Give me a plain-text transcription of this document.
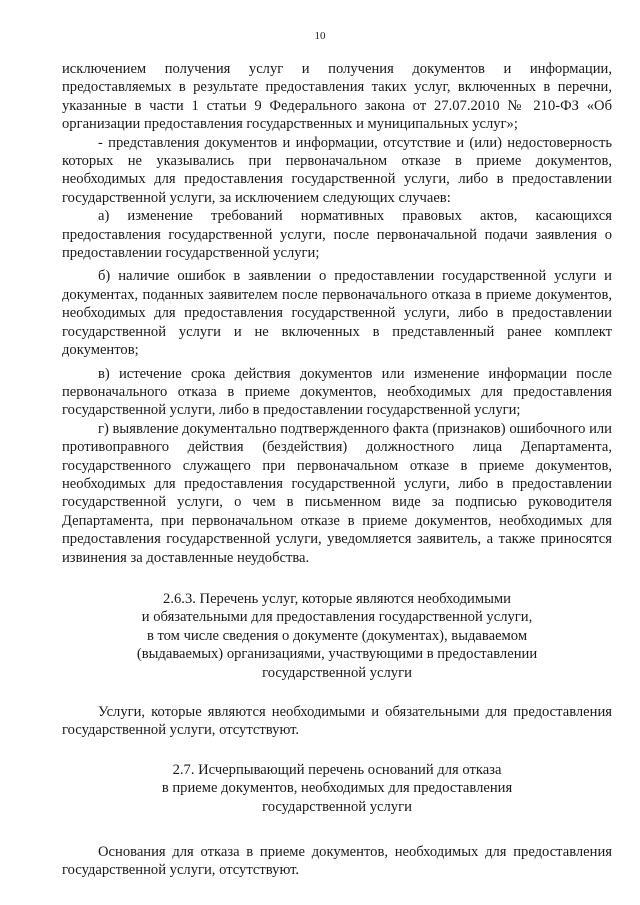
10

исключением получения услуг и получения документов и информации, предоставляемых в результате предоставления таких услуг, включенных в перечни, указанные в части 1 статьи 9 Федерального закона от 27.07.2010 № 210-ФЗ «Об организации предоставления государственных и муниципальных услуг»;

- представления документов и информации, отсутствие и (или) недостоверность которых не указывались при первоначальном отказе в приеме документов, необходимых для предоставления государственной услуги, либо в предоставлении государственной услуги, за исключением следующих случаев:

а) изменение требований нормативных правовых актов, касающихся предоставления государственной услуги, после первоначальной подачи заявления о предоставлении государственной услуги;

б) наличие ошибок в заявлении о предоставлении государственной услуги и документах, поданных заявителем после первоначального отказа в приеме документов, необходимых для предоставления государственной услуги, либо в предоставлении государственной услуги и не включенных в представленный ранее комплект документов;

в) истечение срока действия документов или изменение информации после первоначального отказа в приеме документов, необходимых для предоставления государственной услуги, либо в предоставлении государственной услуги;

г) выявление документально подтвержденного факта (признаков) ошибочного или противоправного действия (бездействия) должностного лица Департамента, государственного служащего при первоначальном отказе в приеме документов, необходимых для предоставления государственной услуги, либо в предоставлении государственной услуги, о чем в письменном виде за подписью руководителя Департамента, при первоначальном отказе в приеме документов, необходимых для предоставления государственной услуги, уведомляется заявитель, а также приносятся извинения за доставленные неудобства.

2.6.3. Перечень услуг, которые являются необходимыми
и обязательными для предоставления государственной услуги,
в том числе сведения о документе (документах), выдаваемом
(выдаваемых) организациями, участвующими в предоставлении
государственной услуги

Услуги, которые являются необходимыми и обязательными для предоставления государственной услуги, отсутствуют.

2.7. Исчерпывающий перечень оснований для отказа
в приеме документов, необходимых для предоставления
государственной услуги

Основания для отказа в приеме документов, необходимых для предоставления государственной услуги, отсутствуют.
